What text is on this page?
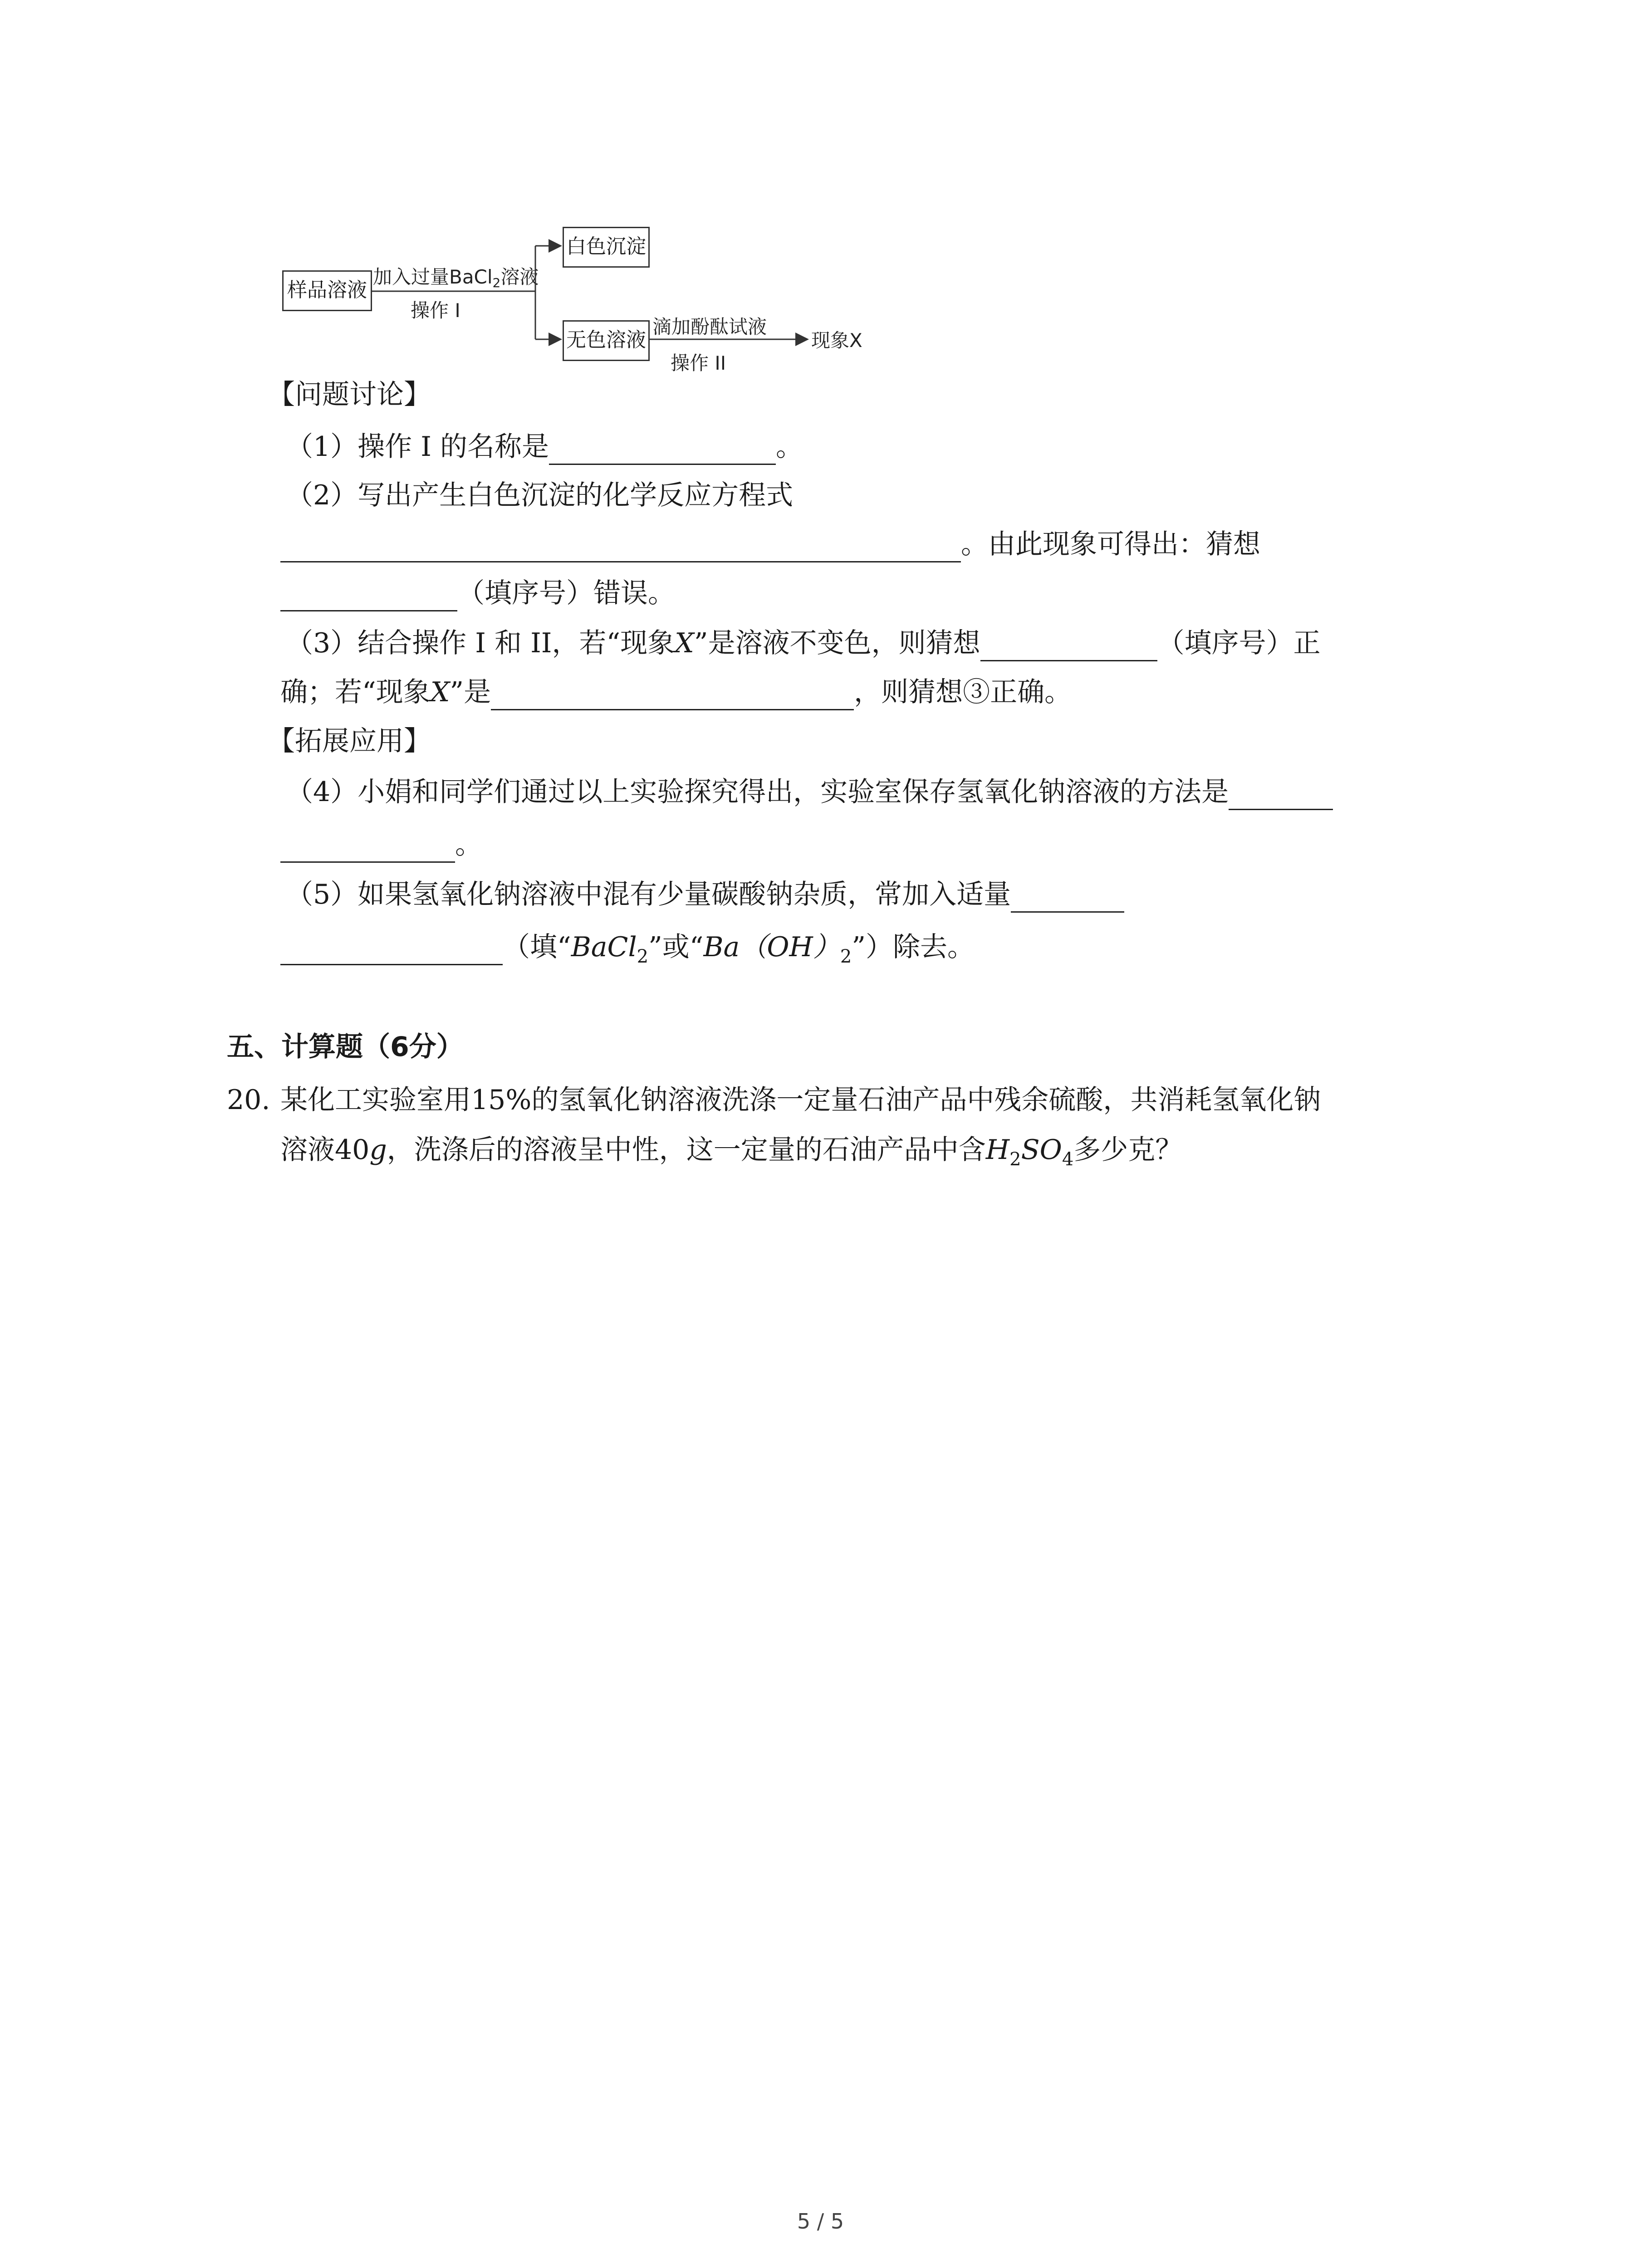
样品溶液
加入过量BaCl$_2$溶液
操作 I
白色沉淀
无色溶液
滴加酚酞试液
操作 II
现象X
【问题讨论】
（1）操作 I 的名称是	。
（2）写出产生白色沉淀的化学反应方程式
。由此现象可得出：猜想
（填序号）错误。
（3）结合操作 I 和 II，若“现象X”是溶液不变色，则猜想	（填序号）正
确；若“现象X”是	，则猜想③正确。
【拓展应用】
（4）小娟和同学们通过以上实验探究得出，实验室保存氢氧化钠溶液的方法是
。
（5）如果氢氧化钠溶液中混有少量碳酸钠杂质，常加入适量
（填“BaCl$_2$”或“$Ba(OH)_2$”）除去。
五、计算题（6分）
20. 某化工实验室用15%的氢氧化钠溶液洗涤一定量石油产品中残余硫酸，共消耗氢氧化钠
溶液40g，洗涤后的溶液呈中性，这一定量的石油产品中含$H_2SO_4$多少克？
5 / 5
